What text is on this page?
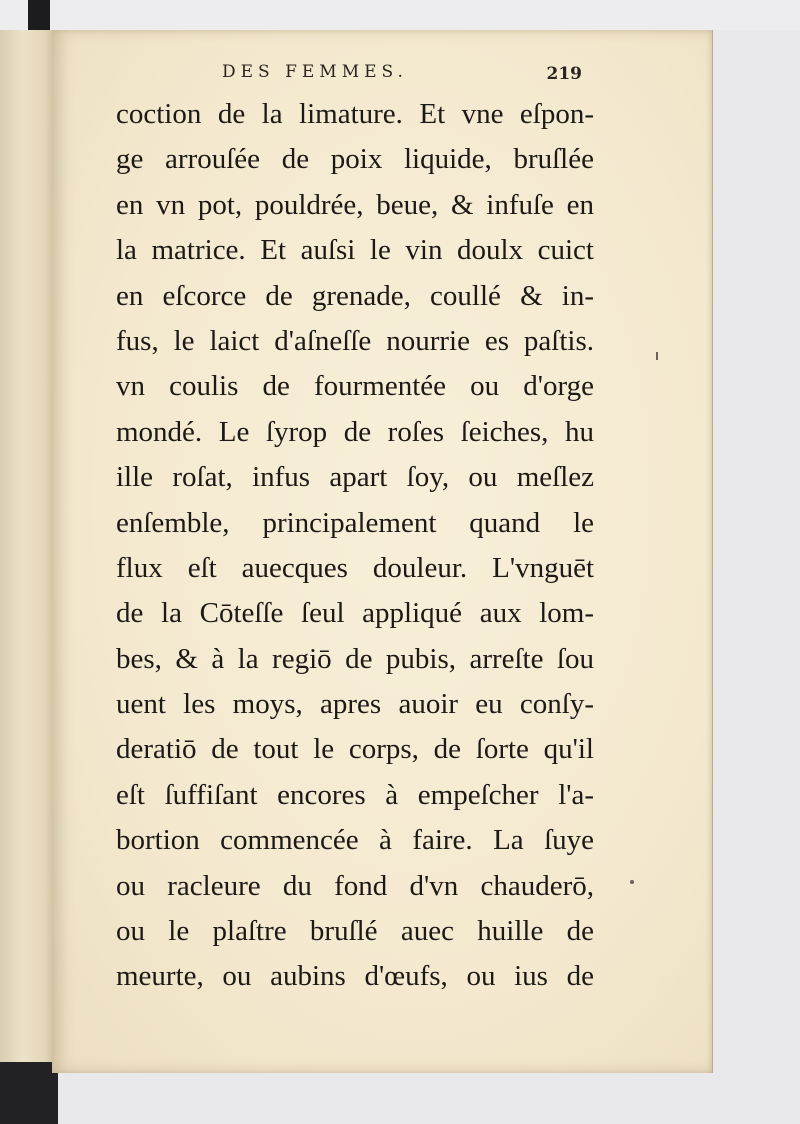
DES FEMMES.	219
coction de la limature. Et vne eſpon-
ge arrouſée de poix liquide, bruſlée
en vn pot, pouldrée, beue, & infuſe en
la matrice. Et auſsi le vin doulx cuict
en eſcorce de grenade, coullé & in-
fus, le laict d'aſneſſe nourrie es paſtis.
vn coulis de fourmentée ou d'orge
mondé. Le ſyrop de roſes ſeiches, hu
ille roſat, infus apart ſoy, ou meſlez
enſemble, principalement quand le
flux eſt auecques douleur. L'vnguēt
de la Cōteſſe ſeul appliqué aux lom-
bes, & à la regiō de pubis, arreſte ſou
uent les moys, apres auoir eu conſy-
deratiō de tout le corps, de ſorte qu'il
eſt ſuffiſant encores à empeſcher l'a-
bortion commencée à faire. La ſuye
ou racleure du fond d'vn chauderō,
ou le plaſtre bruſlé auec huille de
meurte, ou aubins d'œufs, ou ius de
